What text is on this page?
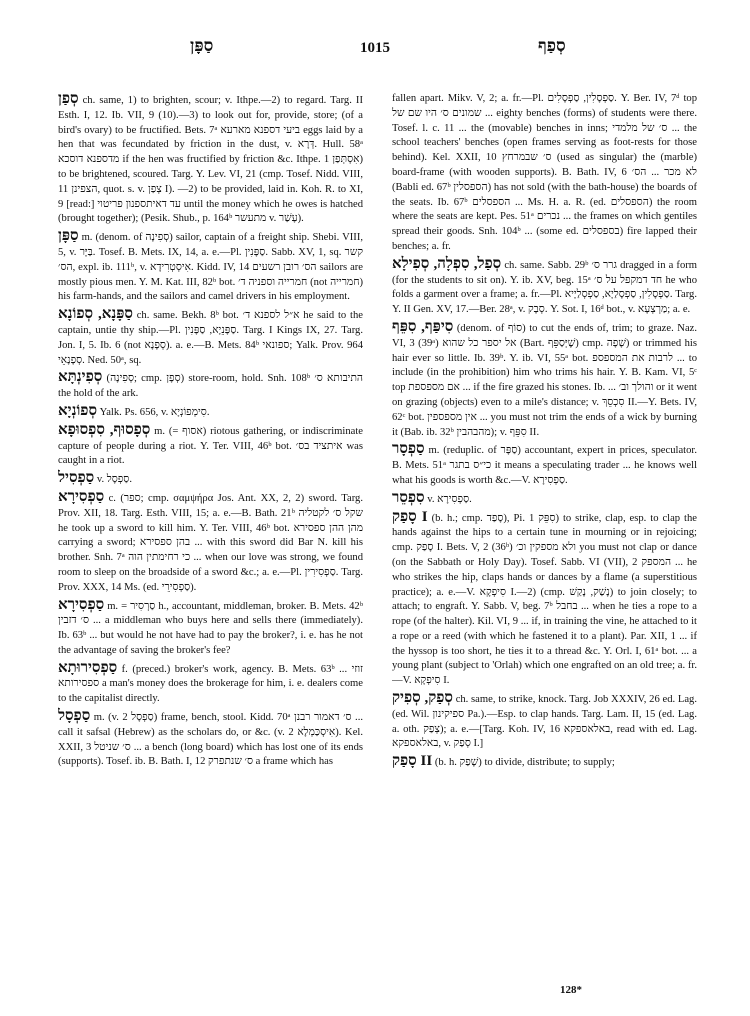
סַפָּן	1015	סְפַף

סְפַן ch. same, 1) to brighten, scour; v. Ithpe.—2) to regard. Targ. II Esth. I, 12. Ib. VII, 9 (10).—3) to look out for, provide, store; (of a bird's ovary) to be fructified. Bets. 7ᵃ ביעי דספנא מארעא eggs laid by a hen that was fecundated by friction in the dust, v. דְּרָא. Hull. 58ᵃ מדספנא דוסכא if the hen was fructified by friction &c. Ithpe. אִסְתְּפַן 1) to be brightened, scoured. Targ. Y. Lev. VI, 21 (cmp. Tosef. Nidd. VIII, 11 הצפינן, quot. s. v. צְפַן I). —2) to be provided, laid in. Koh. R. to XI, 9 [read:] עד דאיתספנון פריטוי until the money which he owes is hatched (brought together); (Pesik. Shub., p. 164ᵇ מתעשר v. עָשַׁר).

סַפָּן m. (denom. of סְפִינָה) sailor, captain of a freight ship. Shebi. VIII, 5, v. בַּיָּר. Tosef. B. Mets. IX, 14, a. e.—Pl. סַפָּנִין. Sabb. XV, 1, sq. קשר הס׳, expl. ib. 111ᵇ, v. אִיסְטְרִידָא. Kidd. IV, 14 הס׳ רובן רשעים sailors are mostly pious men. Y. M. Kat. III, 82ᵇ bot. חמרייה וספניה ד׳ (not חמרייה) his farm-hands, and the sailors and camel drivers in his employment.

סַפָּנָא, סְפוֹנָא ch. same. Bekh. 8ᵇ bot. א״ל לספנא ד׳ he said to the captain, untie thy ship.—Pl. סַפָּנֵיָא, סַפָּנִין. Targ. I Kings IX, 27. Targ. Jon. I, 5. Ib. 6 (not סְפָנָא). a. e.—B. Mets. 84ᵇ ספונאי; Yalk. Prov. 964 סְפָנָאֵי. Ned. 50ᵃ, sq.

סְפִינְתָּא (סְפִינָה; cmp. סְפָן) store-room, hold. Snh. 108ᵇ התיבותא ס׳ the hold of the ark.

סְפוֹנְיָא Yalk. Ps. 656, v. סִימְפוֹנְיָא.

סְפָסוּף, סִפְסוּפָא m. (= אסוף) riotous gathering, or indiscriminate capture of people during a riot. Y. Ter. VIII, 46ᵇ bot. איתציד בס׳ was caught in a riot.

סַפְסִיל v. סַפְסָל.

סַפְסִירָא c. (ספר; cmp. σαμψήρα Jos. Ant. XX, 2, 2) sword. Targ. Prov. XII, 18. Targ. Esth. VIII, 15; a. e.—B. Bath. 21ᵇ שקל ס׳ לקטליה he took up a sword to kill him. Y. Ter. VIII, 46ᵇ bot. מהן ההן ספסירא carrying a sword; בהן ספסירא ... with this sword did Bar N. kill his brother. Snh. 7ᵃ כי רחימתין הוה ... when our love was strong, we found room to sleep on the broadside of a sword &c.; a. e.—Pl. סַפְסִירִין. Targ. Prov. XXX, 14 Ms. (ed. סַפְסִירֵי).

סַפְסִירָא m. = סַרְסִיר h., accountant, middleman, broker. B. Mets. 42ᵇ ס׳ דזבין ... a middleman who buys here and sells there (immediately). Ib. 63ᵇ ... but would he not have had to pay the broker?, i. e. has he not the advantage of saving the broker's fee?

סַפְסִירוּתָא f. (preced.) broker's work, agency. B. Mets. 63ᵇ ... זוזי ספסירותא a man's money does the brokerage for him, i. e. dealers come to the capitalist directly.

סַפְסָל m. (v. סַפְסָל 2) frame, bench, stool. Kidd. 70ᵃ ס׳ דאמור רבנן ... call it safsal (Hebrew) as the scholars do, or &c. (v. אִיסְכַּמְלָא 2). Kel. XXII, 3 ס׳ שניטל ... a bench (long board) which has lost one of its ends (supports). Tosef. ib. B. Bath. I, 12 ס׳ שנתפרק a frame which has

fallen apart. Mikv. V, 2; a. fr.—Pl. סַפְסָלִין, סַפְסָלִים. Y. Ber. IV, 7ᵈ top שמונים ס׳ היו שם של ... eighty benches (forms) of students were there. Tosef. l. c. 11 ... the (movable) benches in inns; ס׳ של מלמדי ... the school teachers' benches (open frames serving as foot-rests for those behind). Kel. XXII, 10 ס׳ שבמרחץ (used as singular) the (marble) board-frame (with wooden supports). B. Bath. IV, 6 לא מכר ... הס׳ (Babli ed. 67ᵇ הספסלין) has not sold (with the bath-house) the boards of the seats. Ib. 67ᵇ הספסלים ... Ms. H. a. R. (ed. הספסלים) the room where the seats are kept. Pes. 51ᵃ נכרים ... the frames on which gentiles spread their goods. Snh. 104ᵇ ... (some ed. בספסלים) fire lapped their benches; a. fr.

סְפַל, סִפְלָה, סְפִילָא ch. same. Sabb. 29ᵇ גרר ס׳ dragged in a form (for the students to sit on). Y. ib. XV, beg. 15ᵃ חד דמקפל על ס׳ he who folds a garment over a frame; a. fr.—Pl. סַפְסָלִין, סַפְסָלַיָא, סַפְסְלַיָיא. Targ. Y. II Gen. XV, 17.—Ber. 28ᵃ, v. סְבָק. Y. Sot. I, 16ᵈ bot., v. מַרְצְעָא; a. e.

סִיפַּף, סִפֵּף (denom. of סוֹף) to cut the ends of, trim; to graze. Naz. VI, 3 (39ᵃ) אל יספר כל שהוא (Bart. שֶׁיְּסַפֵּף) cmp. שָׁפָה) or trimmed his hair ever so little. Ib. 39ᵇ. Y. ib. VI, 55ᵃ bot. לרבות את המספספ ... to include (in the prohibition) him who trims his hair. Y. B. Kam. VI, 5ᶜ top אם מספספת ... if the fire grazed his stones. Ib. ... והולך וב׳ or it went on grazing (objects) even to a mile's distance; v. סִכְסֵךְ II.—Y. Bets. IV, 62ᶜ bot. אין מספספין ... you must not trim the ends of a wick by burning it (Bab. ib. 32ᵇ מהבהבין); v. סִפֵּף II.

סַפְסָר m. (reduplic. of סַפָּר) accountant, expert in prices, speculator. B. Mets. 51ᵃ כי״ס בתגר it means a speculating trader ... he knows well what his goods is worth &c.—V. סַפְסִירָא.

סִפְסֵר v. סַפְסִירָא.

סָפַק I (b. h.; cmp. סָפַד), Pi. סִפֵּק 1) to strike, clap, esp. to clap the hands against the hips to a certain tune in mourning or in rejoicing; cmp. סָפַק I. Bets. V, 2 (36ᵇ) ולא מספקין וכ׳ you must not clap or dance (on the Sabbath or Holy Day). Tosef. Sabb. VI (VII), 2 המספק ... he who strikes the hip, claps hands or dances by a flame (a superstitious practice); a. e.—V. סִיפְקָא I.—2) (cmp. נָשַׁק, נָקַשׁ) to join closely; to attach; to engraft. Y. Sabb. V, beg. 7ᵇ בחבל ... when he ties a rope to a rope (of the halter). Kil. VI, 9 ... if, in training the vine, he attached to it a rope or a reed (with which he fastened it to a plant). Par. XII, 1 ... if the hyssop is too short, he ties it to a thread &c. Y. Orl. I, 61ᵃ bot. ... a young plant (subject to 'Orlah) which one engrafted on an old tree; a. fr.—V. סִיפְקָא I.

סְפַק, סְפִיק ch. same, to strike, knock. Targ. Job XXXIV, 26 ed. Lag. (ed. Wil. ספיקינון Pa.).—Esp. to clap hands. Targ. Lam. II, 15 (ed. Lag. a. oth. צְפַק); a. e.—[Targ. Koh. IV, 16 באלאספקא, read with ed. Lag. באלאספקא, v. סְפַק I.]

סָפַק II (b. h. שָׁפַק) to divide, distribute; to supply;

128*
